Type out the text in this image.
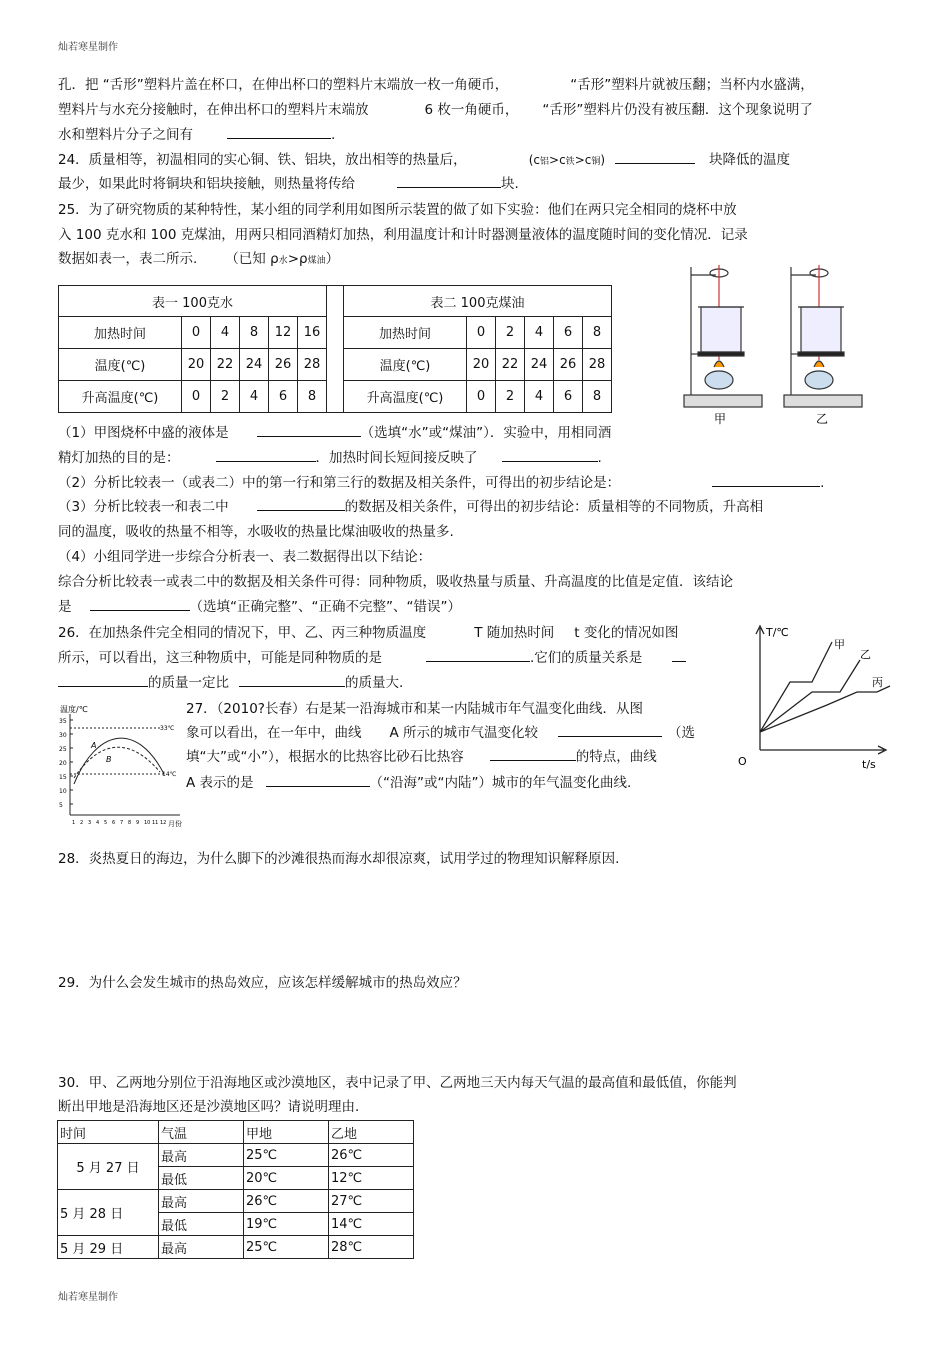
灿若寒星制作
孔．把 “舌形”塑料片盖在杯口，在伸出杯口的塑料片末端放一枚一角硬币，	“舌形”塑料片就被压翻；当杯内水盛满，
塑料片与水充分接触时，在伸出杯口的塑料片末端放	6 枚一角硬币， “舌形”塑料片仍没有被压翻．这个现象说明了
水和塑料片分子之间有	.
24．质量相等，初温相同的实心铜、铁、铝块，放出相等的热量后，	(c铝>c铁>c铜)	块降低的温度
最少，如果此时将铜块和铝块接触，则热量将传给	块.
25．为了研究物质的某种特性，某小组的同学利用如图所示装置的做了如下实验：他们在两只完全相同的烧杯中放
入 100 克水和 100 克煤油，用两只相同酒精灯加热，利用温度计和计时器测量液体的温度随时间的变化情况．记录
数据如表一，表二所示. （已知 ρ水>ρ煤油）
表一 100克水					
加热时间	0	4	8	12	16
温度(℃)	20	22	24	26	28
升高温度(℃)	0	2	4	6	8
表二 100克煤油					
加热时间	0	2	4	6	8
温度(℃)	20	22	24	26	28
升高温度(℃)	0	2	4	6	8
甲	乙
（1）甲图烧杯中盛的液体是	（选填“水”或“煤油”）．实验中，用相同酒
精灯加热的目的是：	．加热时间长短间接反映了	.
（2）分析比较表一（或表二）中的第一行和第三行的数据及相关条件，可得出的初步结论是：	.
（3）分析比较表一和表二中	的数据及相关条件，可得出的初步结论：质量相等的不同物质，升高相
同的温度，吸收的热量不相等，水吸收的热量比煤油吸收的热量多.
（4）小组同学进一步综合分析表一、表二数据得出以下结论：
综合分析比较表一或表二中的数据及相关条件可得：同种物质，吸收热量与质量、升高温度的比值是定值．该结论
是	（选填“正确完整”、“正确不完整”、“错误”）
26．在加热条件完全相同的情况下，甲、乙、丙三种物质温度	T 随加热时间 t 变化的情况如图
所示，可以看出，这三种物质中，可能是同种物质的是	.它们的质量关系是
的质量一定比	的质量大.
T/℃
t/s
O
甲
乙
丙
温度/℃
33℃
14℃
A
B
35
30
25
20
15
10
5
1 2 3 4 5 6 7 8 9 10 11 12 月份
27．（2010?长春）右是某一沿海城市和某一内陆城市年气温变化曲线．从图
象可以看出，在一年中，曲线 A 所示的城市气温变化较	（选
填“大”或“小”），根据水的比热容比砂石比热容	的特点，曲线
A 表示的是	（“沿海”或“内陆”）城市的年气温变化曲线.
28．炎热夏日的海边，为什么脚下的沙滩很热而海水却很凉爽，试用学过的物理知识解释原因.
29．为什么会发生城市的热岛效应，应该怎样缓解城市的热岛效应？
30．甲、乙两地分别位于沿海地区或沙漠地区，表中记录了甲、乙两地三天内每天气温的最高值和最低值，你能判
断出甲地是沿海地区还是沙漠地区吗？请说明理由.
时间	气温	甲地	乙地
5 月 27 日	最高	25℃	26℃
	最低	20℃	12℃
5 月 28 日	最高	26℃	27℃
	最低	19℃	14℃
5 月 29 日	最高	25℃	28℃
灿若寒星制作
